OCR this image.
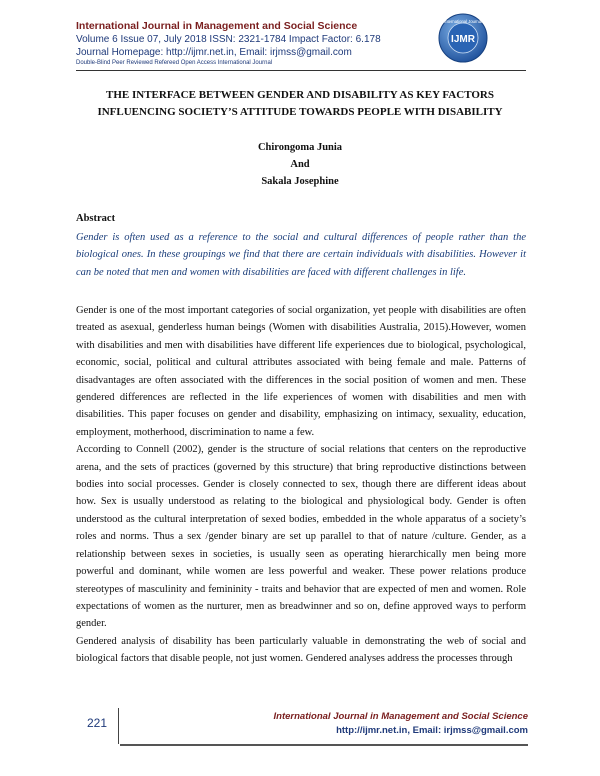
International Journal in Management and Social Science
Volume 6 Issue 07, July 2018 ISSN: 2321-1784 Impact Factor: 6.178
Journal Homepage: http://ijmr.net.in, Email: irjmss@gmail.com
Double-Blind Peer Reviewed Refereed Open Access International Journal
International Journal
IJMR
THE INTERFACE BETWEEN GENDER AND DISABILITY AS KEY FACTORS
INFLUENCING SOCIETY’S ATTITUDE TOWARDS PEOPLE WITH DISABILITY
Chirongoma Junia
And
Sakala Josephine
Abstract
Gender is often used as a reference to the social and cultural differences of people rather than the biological ones. In these groupings we find that there are certain individuals with disabilities. However it can be noted that men and women with disabilities are faced with different challenges in life.

Gender is one of the most important categories of social organization, yet people with disabilities are often treated as asexual, genderless human beings (Women with disabilities Australia, 2015).However, women with disabilities and men with disabilities have different life experiences due to biological, psychological, economic, social, political and cultural attributes associated with being female and male. Patterns of disadvantages are often associated with the differences in the social position of women and men. These gendered differences are reflected in the life experiences of women with disabilities and men with disabilities. This paper focuses on gender and disability, emphasizing on intimacy, sexuality, education, employment, motherhood, discrimination to name a few.

According to Connell (2002), gender is the structure of social relations that centers on the reproductive arena, and the sets of practices (governed by this structure) that bring reproductive distinctions between bodies into social processes. Gender is closely connected to sex, though there are different ideas about how. Sex is usually understood as relating to the biological and physiological body. Gender is often understood as the cultural interpretation of sexed bodies, embedded in the whole apparatus of a society’s roles and norms. Thus a sex /gender binary are set up parallel to that of nature /culture. Gender, as a relationship between sexes in societies, is usually seen as operating hierarchically men being more powerful and dominant, while women are less powerful and weaker. These power relations produce stereotypes of masculinity and femininity - traits and behavior that are expected of men and women. Role expectations of women as the nurturer, men as breadwinner and so on, define approved ways to perform gender.

Gendered analysis of disability has been particularly valuable in demonstrating the web of social and biological factors that disable people, not just women. Gendered analyses address the processes through

221	International Journal in Management and Social Science
http://ijmr.net.in, Email: irjmss@gmail.com
